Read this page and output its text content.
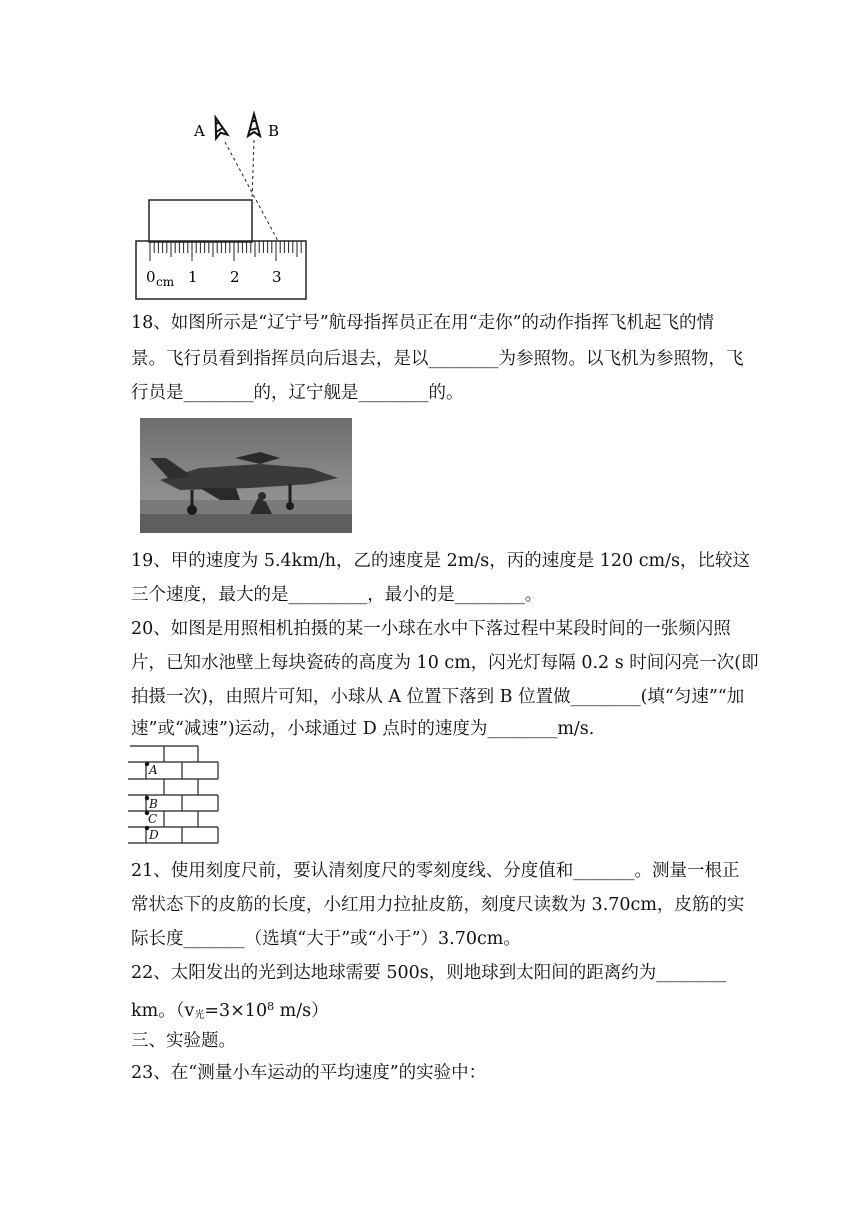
0 cm 1 2 3
A	B
18、如图所示是“辽宁号”航母指挥员正在用“走你”的动作指挥飞机起飞的情
景。飞行员看到指挥员向后退去，是以________为参照物。以飞机为参照物，飞
行员是________的，辽宁舰是________的。
19、甲的速度为 5.4km/h，乙的速度是 2m/s，丙的速度是 120 cm/s，比较这
三个速度，最大的是_________，最小的是________。
20、如图是用照相机拍摄的某一小球在水中下落过程中某段时间的一张频闪照
片，已知水池壁上每块瓷砖的高度为 10 cm，闪光灯每隔 0.2 s 时间闪亮一次(即
拍摄一次)，由照片可知，小球从 A 位置下落到 B 位置做________(填“匀速”“加
速”或“减速”)运动，小球通过 D 点时的速度为________m/s.
A
B
C
D
21、使用刻度尺前，要认清刻度尺的零刻度线、分度值和_______。测量一根正
常状态下的皮筋的长度，小红用力拉扯皮筋，刻度尺读数为 3.70cm，皮筋的实
际长度_______（选填“大于”或“小于”）3.70cm。
22、太阳发出的光到达地球需要 500s，则地球到太阳间的距离约为________
km。（$v_光=3\times 10^8$ m/s）
三、实验题。
23、在“测量小车运动的平均速度”的实验中：
